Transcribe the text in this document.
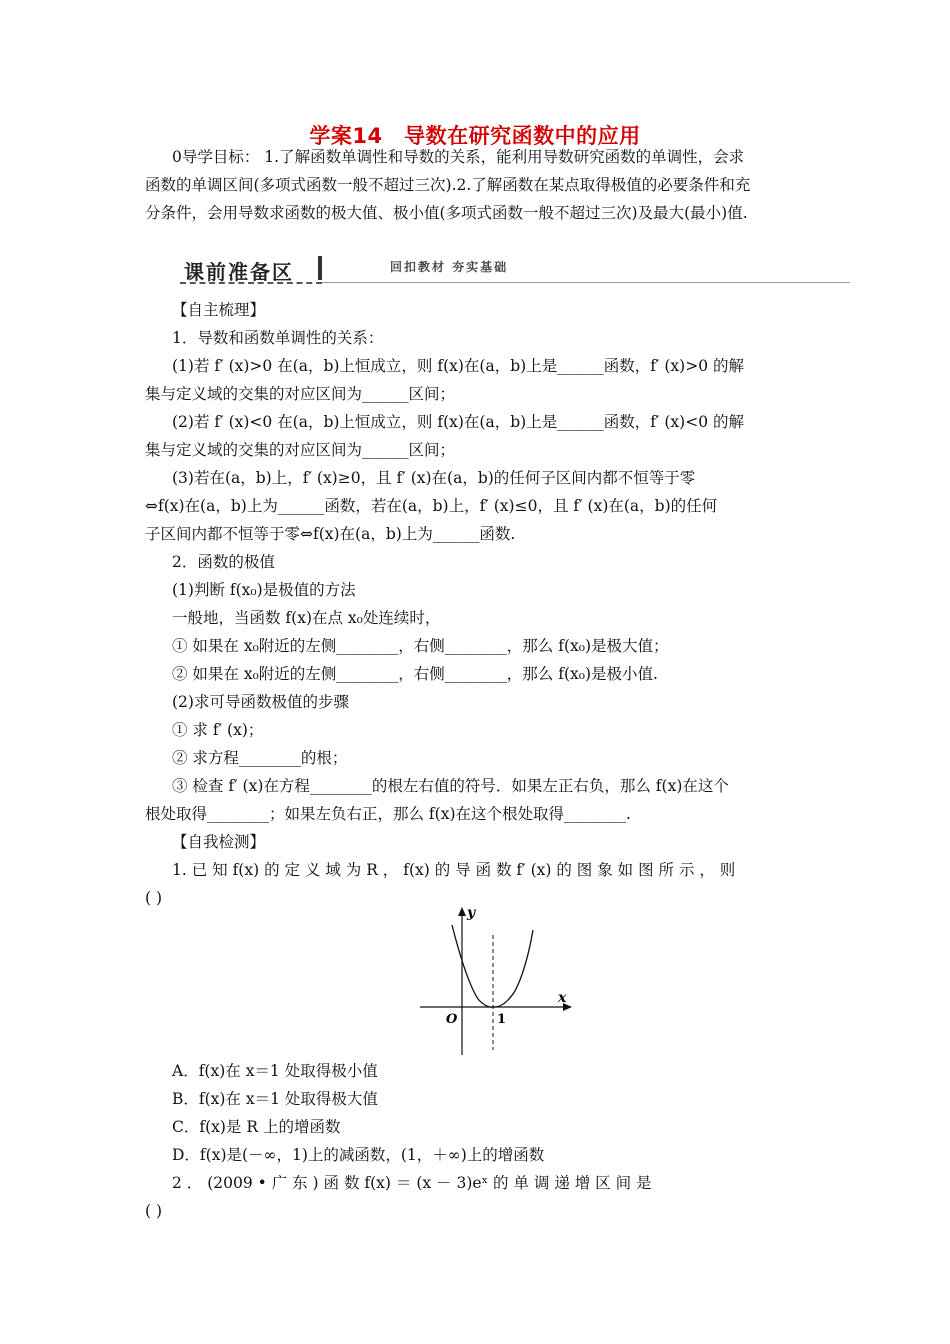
学案14　导数在研究函数中的应用
0导学目标： 1.了解函数单调性和导数的关系，能利用导数研究函数的单调性，会求
函数的单调区间(多项式函数一般不超过三次).2.了解函数在某点取得极值的必要条件和充
分条件，会用导数求函数的极大值、极小值(多项式函数一般不超过三次)及最大(最小)值.
课前准备区	回扣教材 夯实基础
【自主梳理】
1．导数和函数单调性的关系：
(1)若 f′ (x)>0 在(a，b)上恒成立，则 f(x)在(a，b)上是______函数，f′ (x)>0 的解
集与定义域的交集的对应区间为______区间；
(2)若 f′ (x)<0 在(a，b)上恒成立，则 f(x)在(a，b)上是______函数，f′ (x)<0 的解
集与定义域的交集的对应区间为______区间；
(3)若在(a，b)上，f′ (x)≥0，且 f′ (x)在(a，b)的任何子区间内都不恒等于零
⇔f(x)在(a，b)上为______函数，若在(a，b)上，f′ (x)≤0，且 f′ (x)在(a，b)的任何
子区间内都不恒等于零⇔f(x)在(a，b)上为______函数.
2．函数的极值
(1)判断 f(x₀)是极值的方法
一般地，当函数 f(x)在点 x₀处连续时，
① 如果在 x₀附近的左侧________，右侧________，那么 f(x₀)是极大值；
② 如果在 x₀附近的左侧________，右侧________，那么 f(x₀)是极小值.
(2)求可导函数极值的步骤
① 求 f′ (x)；
② 求方程________的根；
③ 检查 f′ (x)在方程________的根左右值的符号．如果左正右负，那么 f(x)在这个
根处取得________；如果左负右正，那么 f(x)在这个根处取得________.
【自我检测】
1. 已 知 f(x) 的 定 义 域 为 R ， f(x) 的 导 函 数 f′ (x) 的 图 象 如 图 所 示 ， 则
( )
y
x
O	1
A．f(x)在 x＝1 处取得极小值
B．f(x)在 x＝1 处取得极大值
C．f(x)是 R 上的增函数
D．f(x)是(－∞，1)上的减函数，(1，＋∞)上的增函数
2 ． (2009 • 广 东 ) 函 数 f(x) ＝ (x － 3)eˣ 的 单 调 递 增 区 间 是
( )
